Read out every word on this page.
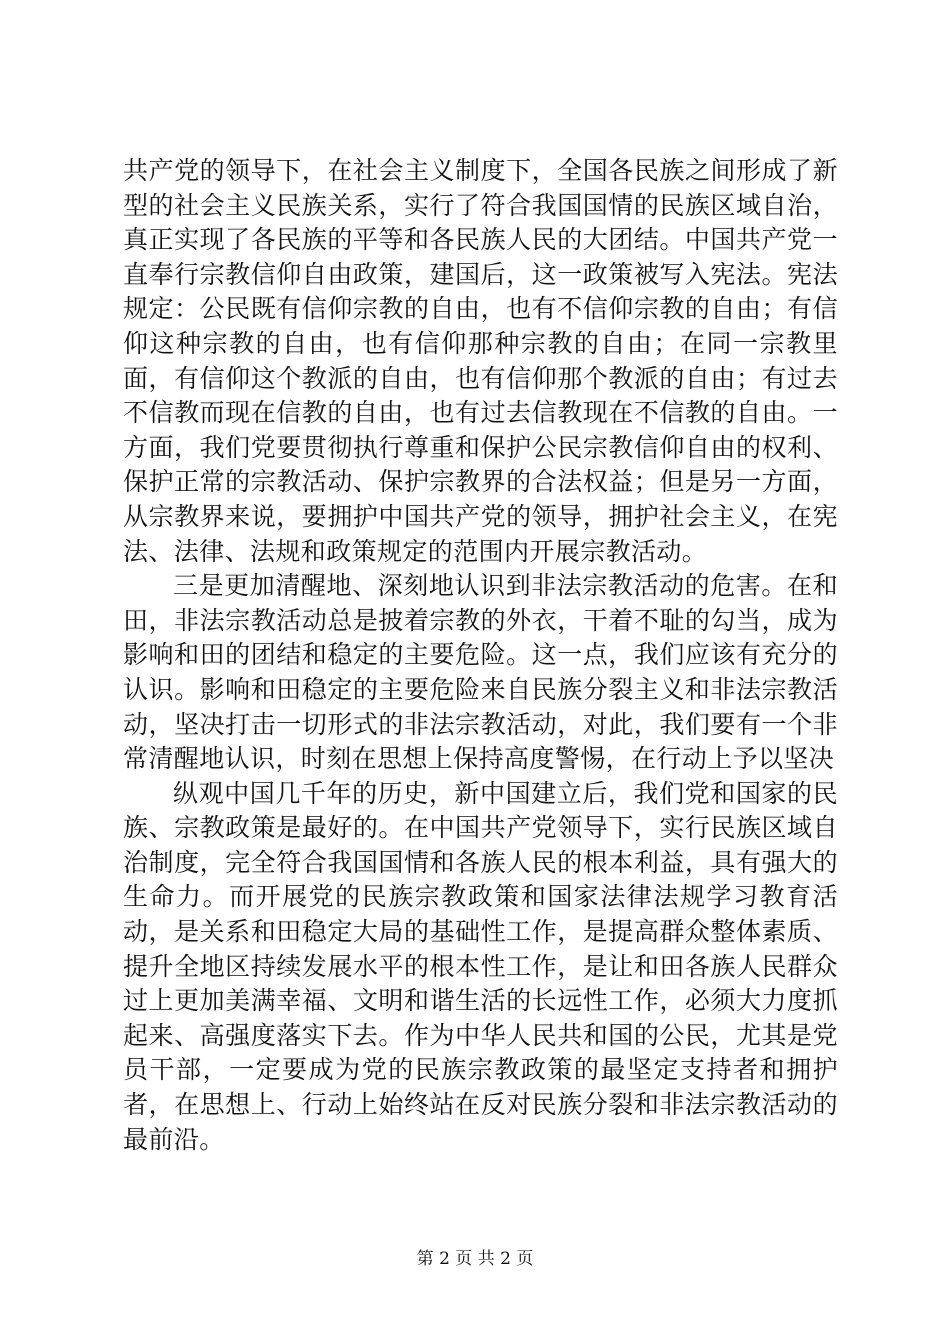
共产党的领导下，在社会主义制度下，全国各民族之间形成了新型的社会主义民族关系，实行了符合我国国情的民族区域自治，真正实现了各民族的平等和各民族人民的大团结。中国共产党一直奉行宗教信仰自由政策，建国后，这一政策被写入宪法。宪法规定：公民既有信仰宗教的自由，也有不信仰宗教的自由；有信仰这种宗教的自由，也有信仰那种宗教的自由；在同一宗教里面，有信仰这个教派的自由，也有信仰那个教派的自由；有过去不信教而现在信教的自由，也有过去信教现在不信教的自由。一方面，我们党要贯彻执行尊重和保护公民宗教信仰自由的权利、保护正常的宗教活动、保护宗教界的合法权益；但是另一方面，从宗教界来说，要拥护中国共产党的领导，拥护社会主义，在宪法、法律、法规和政策规定的范围内开展宗教活动。

三是更加清醒地、深刻地认识到非法宗教活动的危害。在和田，非法宗教活动总是披着宗教的外衣，干着不耻的勾当，成为影响和田的团结和稳定的主要危险。这一点，我们应该有充分的认识。影响和田稳定的主要危险来自民族分裂主义和非法宗教活动，坚决打击一切形式的非法宗教活动，对此，我们要有一个非常清醒地认识，时刻在思想上保持高度警惕，在行动上予以坚决

纵观中国几千年的历史，新中国建立后，我们党和国家的民族、宗教政策是最好的。在中国共产党领导下，实行民族区域自治制度，完全符合我国国情和各族人民的根本利益，具有强大的生命力。而开展党的民族宗教政策和国家法律法规学习教育活动，是关系和田稳定大局的基础性工作，是提高群众整体素质、提升全地区持续发展水平的根本性工作，是让和田各族人民群众过上更加美满幸福、文明和谐生活的长远性工作，必须大力度抓起来、高强度落实下去。作为中华人民共和国的公民，尤其是党员干部，一定要成为党的民族宗教政策的最坚定支持者和拥护者，在思想上、行动上始终站在反对民族分裂和非法宗教活动的最前沿。

第 2 页 共 2 页
